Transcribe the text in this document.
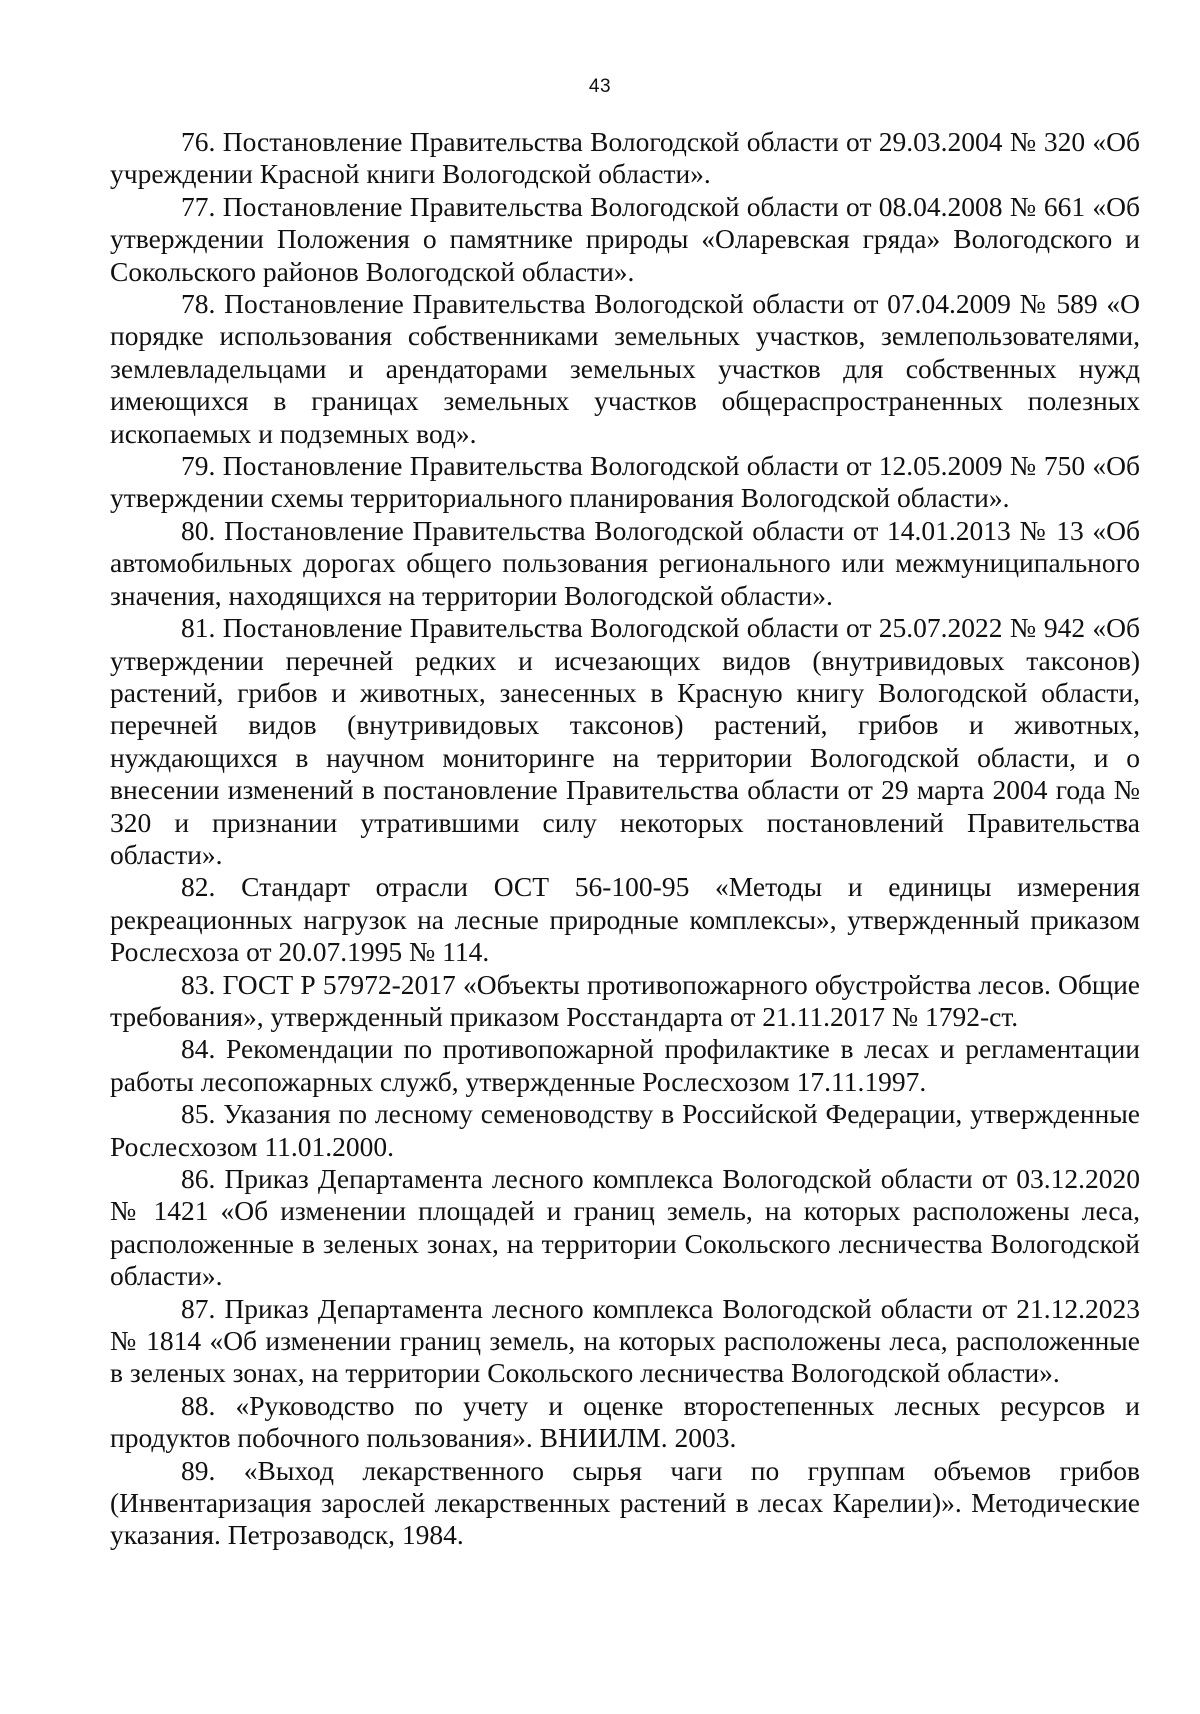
43

76. Постановление Правительства Вологодской области от 29.03.2004 № 320 «Об учреждении Красной книги Вологодской области».

77. Постановление Правительства Вологодской области от 08.04.2008 № 661 «Об утверждении Положения о памятнике природы «Оларевская гряда» Вологодского и Сокольского районов Вологодской области».

78. Постановление Правительства Вологодской области от 07.04.2009 № 589 «О порядке использования собственниками земельных участков, землепользователями, землевладельцами и арендаторами земельных участков для собственных нужд имеющихся в границах земельных участков общераспространенных полезных ископаемых и подземных вод».

79. Постановление Правительства Вологодской области от 12.05.2009 № 750 «Об утверждении схемы территориального планирования Вологодской области».

80. Постановление Правительства Вологодской области от 14.01.2013 № 13 «Об автомобильных дорогах общего пользования регионального или межмуниципального значения, находящихся на территории Вологодской области».

81. Постановление Правительства Вологодской области от 25.07.2022 № 942 «Об утверждении перечней редких и исчезающих видов (внутривидовых таксонов) растений, грибов и животных, занесенных в Красную книгу Вологодской области, перечней видов (внутривидовых таксонов) растений, грибов и животных, нуждающихся в научном мониторинге на территории Вологодской области, и о внесении изменений в постановление Правительства области от 29 марта 2004 года № 320 и признании утратившими силу некоторых постановлений Правительства области».

82. Стандарт отрасли ОСТ 56-100-95 «Методы и единицы измерения рекреационных нагрузок на лесные природные комплексы», утвержденный приказом Рослесхоза от 20.07.1995 № 114.

83. ГОСТ Р 57972-2017 «Объекты противопожарного обустройства лесов. Общие требования», утвержденный приказом Росстандарта от 21.11.2017 № 1792-ст.

84. Рекомендации по противопожарной профилактике в лесах и регламентации работы лесопожарных служб, утвержденные Рослесхозом 17.11.1997.

85. Указания по лесному семеноводству в Российской Федерации, утвержденные Рослесхозом 11.01.2000.

86. Приказ Департамента лесного комплекса Вологодской области от 03.12.2020 № 1421 «Об изменении площадей и границ земель, на которых расположены леса, расположенные в зеленых зонах, на территории Сокольского лесничества Вологодской области».

87. Приказ Департамента лесного комплекса Вологодской области от 21.12.2023 № 1814 «Об изменении границ земель, на которых расположены леса, расположенные в зеленых зонах, на территории Сокольского лесничества Вологодской области».

88. «Руководство по учету и оценке второстепенных лесных ресурсов и продуктов побочного пользования». ВНИИЛМ. 2003.

89. «Выход лекарственного сырья чаги по группам объемов грибов (Инвентаризация зарослей лекарственных растений в лесах Карелии)». Методические указания. Петрозаводск, 1984.
